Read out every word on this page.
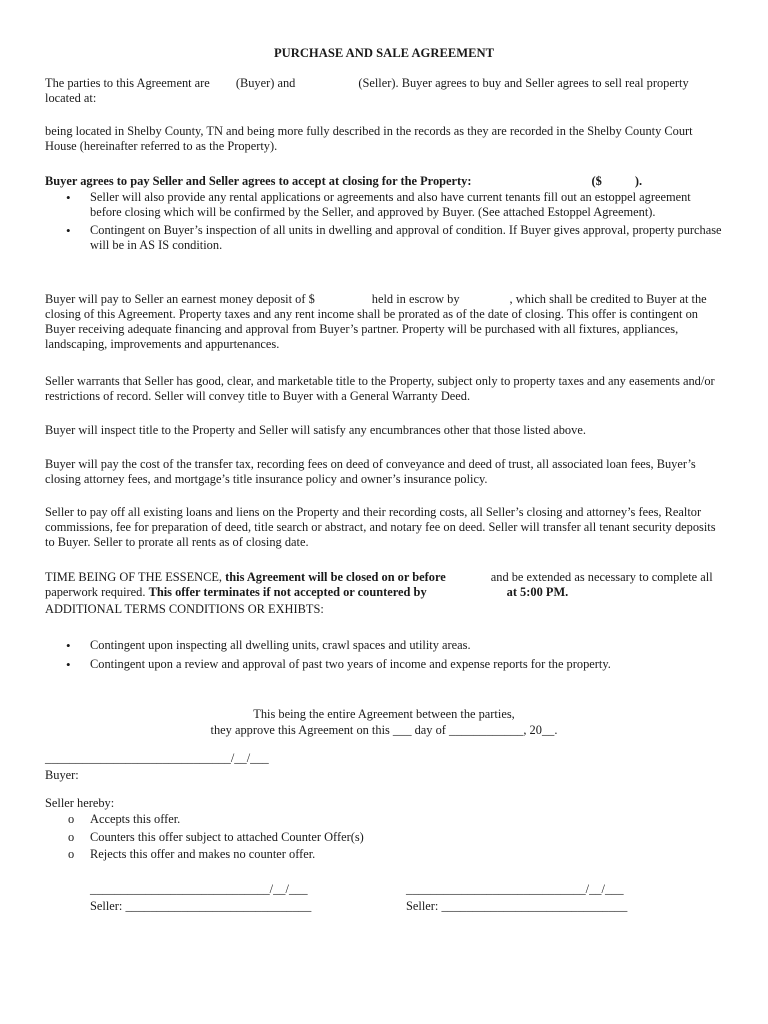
PURCHASE AND SALE AGREEMENT
The parties to this Agreement are (Buyer) and	(Seller). Buyer agrees to buy and Seller agrees to sell real property located at:
being located in Shelby County, TN and being more fully described in the records as they are recorded in the Shelby County Court House (hereinafter referred to as the Property).
Buyer agrees to pay Seller and Seller agrees to accept at closing for the Property:	($	).
• Seller will also provide any rental applications or agreements and also have current tenants fill out an estoppel agreement before closing which will be confirmed by the Seller, and approved by Buyer. (See attached Estoppel Agreement).
• Contingent on Buyer’s inspection of all units in dwelling and approval of condition. If Buyer gives approval, property purchase will be in AS IS condition.
Buyer will pay to Seller an earnest money deposit of $	held in escrow by	, which shall be credited to Buyer at the closing of this Agreement. Property taxes and any rent income shall be prorated as of the date of closing. This offer is contingent on Buyer receiving adequate financing and approval from Buyer’s partner. Property will be purchased with all fixtures, appliances, landscaping, improvements and appurtenances.
Seller warrants that Seller has good, clear, and marketable title to the Property, subject only to property taxes and any easements and/or restrictions of record. Seller will convey title to Buyer with a General Warranty Deed.
Buyer will inspect title to the Property and Seller will satisfy any encumbrances other that those listed above.
Buyer will pay the cost of the transfer tax, recording fees on deed of conveyance and deed of trust, all associated loan fees, Buyer’s closing attorney fees, and mortgage’s title insurance policy and owner’s insurance policy.
Seller to pay off all existing loans and liens on the Property and their recording costs, all Seller’s closing and attorney’s fees, Realtor commissions, fee for preparation of deed, title search or abstract, and notary fee on deed. Seller will transfer all tenant security deposits to Buyer. Seller to prorate all rents as of closing date.
TIME BEING OF THE ESSENCE, this Agreement will be closed on or before	and be extended as necessary to complete all paperwork required. This offer terminates if not accepted or countered by	at 5:00 PM.
ADDITIONAL TERMS CONDITIONS OR EXHIBTS:
• Contingent upon inspecting all dwelling units, crawl spaces and utility areas.
• Contingent upon a review and approval of past two years of income and expense reports for the property.
This being the entire Agreement between the parties,
they approve this Agreement on this ___ day of ____________, 20__.
______________________________/__/___
Buyer:
Seller hereby:
o Accepts this offer.
o Counters this offer subject to attached Counter Offer(s)
o Rejects this offer and makes no counter offer.
_____________________________/__/___
Seller: ______________________________
_____________________________/__/___
Seller: ______________________________
